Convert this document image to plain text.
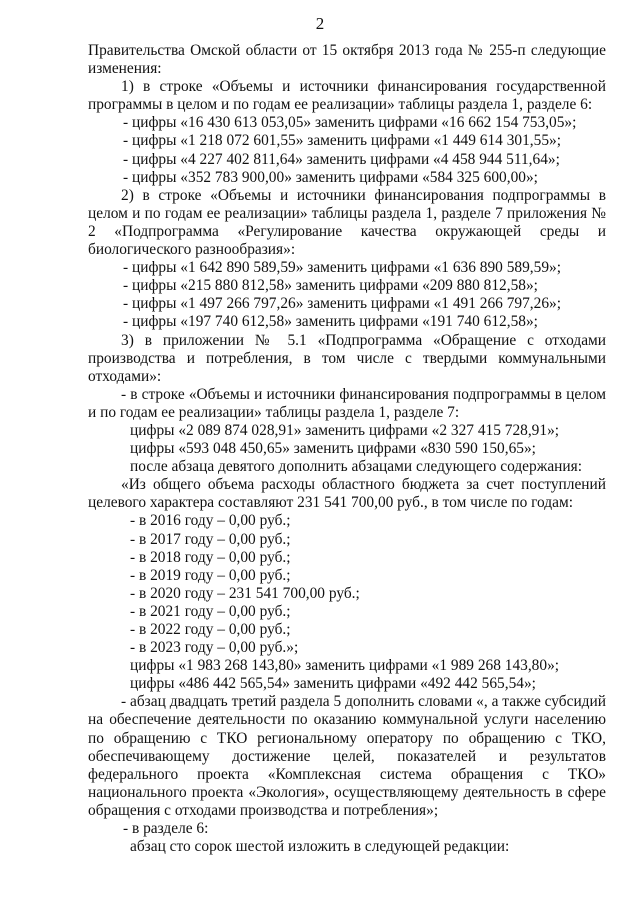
2

Правительства Омской области от 15 октября 2013 года № 255-п следующие изменения:

1) в строке «Объемы и источники финансирования государственной программы в целом и по годам ее реализации» таблицы раздела 1, разделе 6:

- цифры «16 430 613 053,05» заменить цифрами «16 662 154 753,05»;

- цифры «1 218 072 601,55» заменить цифрами «1 449 614 301,55»;

- цифры «4 227 402 811,64» заменить цифрами «4 458 944 511,64»;

- цифры «352 783 900,00» заменить цифрами «584 325 600,00»;

2) в строке «Объемы и источники финансирования подпрограммы в целом и по годам ее реализации» таблицы раздела 1, разделе 7 приложения № 2 «Подпрограмма «Регулирование качества окружающей среды и биологического разнообразия»:

- цифры «1 642 890 589,59» заменить цифрами «1 636 890 589,59»;

- цифры «215 880 812,58» заменить цифрами «209 880 812,58»;

- цифры «1 497 266 797,26» заменить цифрами «1 491 266 797,26»;

- цифры «197 740 612,58» заменить цифрами «191 740 612,58»;

3) в приложении № 5.1 «Подпрограмма «Обращение с отходами производства и потребления, в том числе с твердыми коммунальными отходами»:

- в строке «Объемы и источники финансирования подпрограммы в целом и по годам ее реализации» таблицы раздела 1, разделе 7:

цифры «2 089 874 028,91» заменить цифрами «2 327 415 728,91»;

цифры «593 048 450,65» заменить цифрами «830 590 150,65»;

после абзаца девятого дополнить абзацами следующего содержания:

«Из общего объема расходы областного бюджета за счет поступлений целевого характера составляют 231 541 700,00 руб., в том числе по годам:

- в 2016 году – 0,00 руб.;

- в 2017 году – 0,00 руб.;

- в 2018 году – 0,00 руб.;

- в 2019 году – 0,00 руб.;

- в 2020 году – 231 541 700,00 руб.;

- в 2021 году – 0,00 руб.;

- в 2022 году – 0,00 руб.;

- в 2023 году – 0,00 руб.»;

цифры «1 983 268 143,80» заменить цифрами «1 989 268 143,80»;

цифры «486 442 565,54» заменить цифрами «492 442 565,54»;

- абзац двадцать третий раздела 5 дополнить словами «, а также субсидий на обеспечение деятельности по оказанию коммунальной услуги населению по обращению с ТКО региональному оператору по обращению с ТКО, обеспечивающему достижение целей, показателей и результатов федерального проекта «Комплексная система обращения с ТКО» национального проекта «Экология», осуществляющему деятельность в сфере обращения с отходами производства и потребления»;

- в разделе 6:

абзац сто сорок шестой изложить в следующей редакции:
